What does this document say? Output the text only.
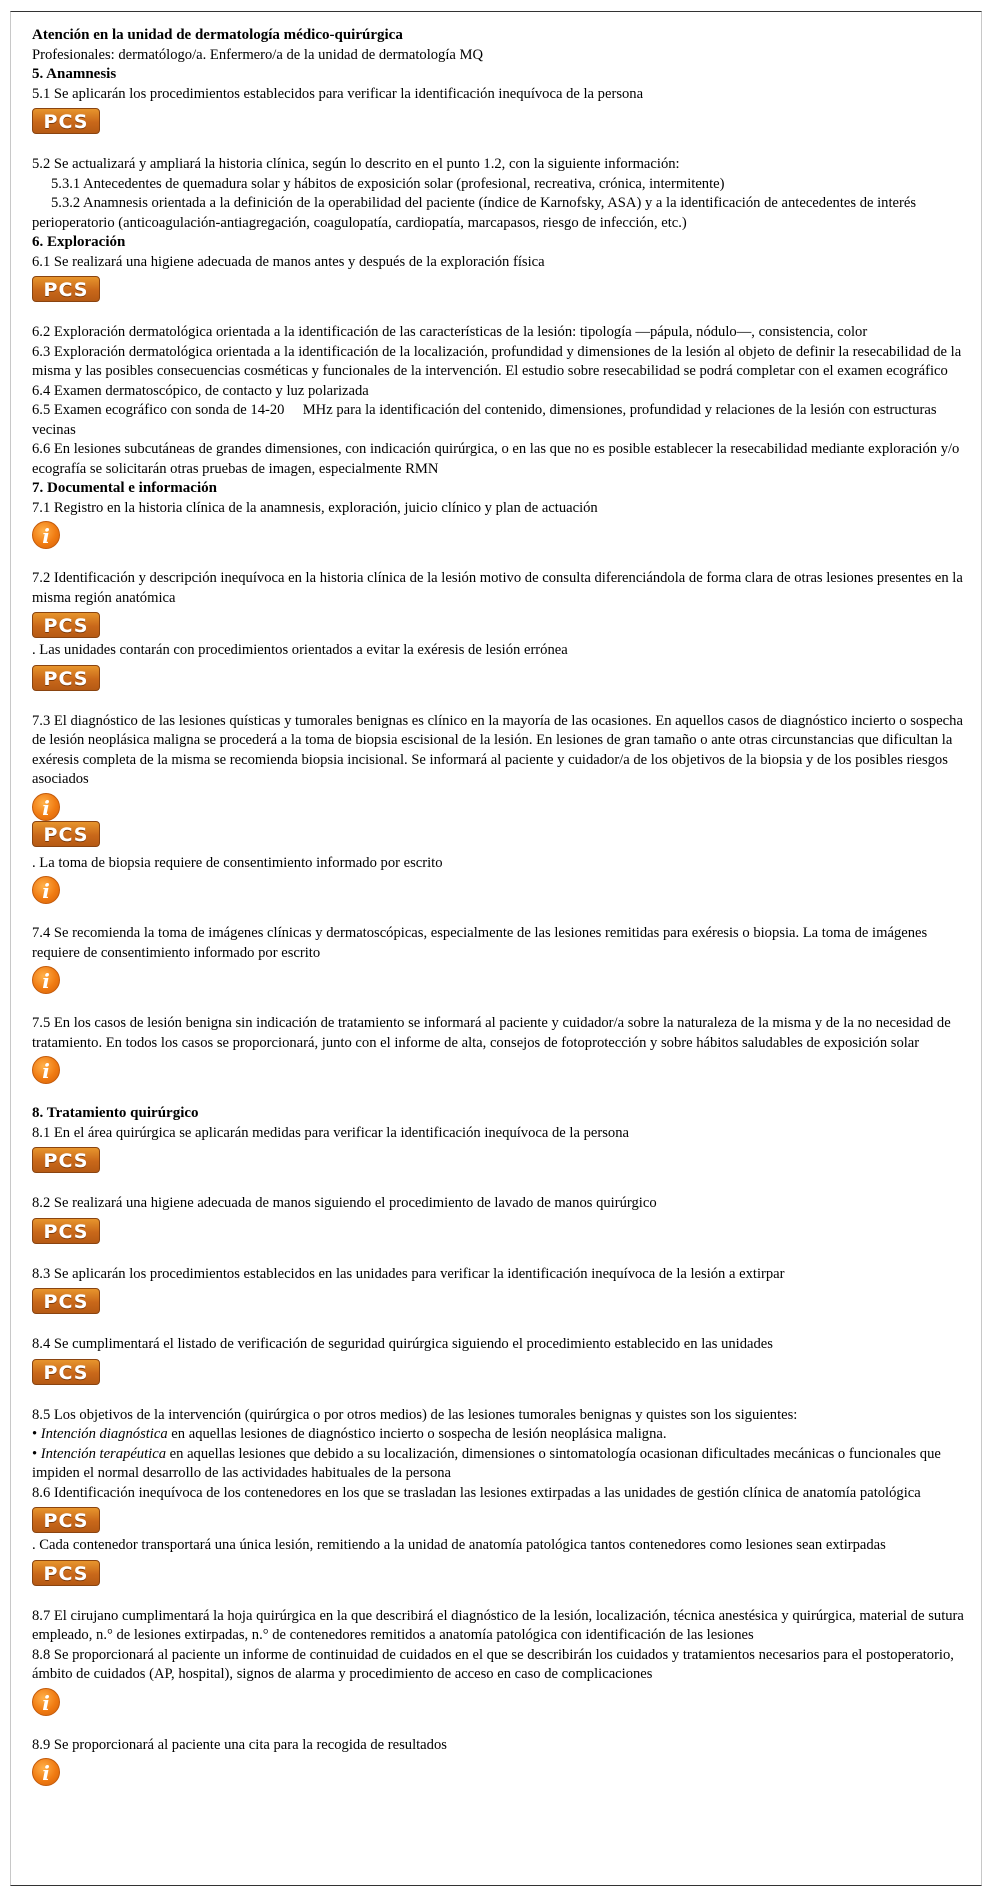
Atención en la unidad de dermatología médico-quirúrgica

Profesionales: dermatólogo/a. Enfermero/a de la unidad de dermatología MQ

5. Anamnesis

5.1 Se aplicarán los procedimientos establecidos para verificar la identificación inequívoca de la persona

PCS

5.2 Se actualizará y ampliará la historia clínica, según lo descrito en el punto 1.2, con la siguiente información:

5.3.1 Antecedentes de quemadura solar y hábitos de exposición solar (profesional, recreativa, crónica, intermitente)

5.3.2 Anamnesis orientada a la definición de la operabilidad del paciente (índice de Karnofsky, ASA) y a la identificación de antecedentes de interés perioperatorio (anticoagulación-antiagregación, coagulopatía, cardiopatía, marcapasos, riesgo de infección, etc.)

6. Exploración

6.1 Se realizará una higiene adecuada de manos antes y después de la exploración física

PCS

6.2 Exploración dermatológica orientada a la identificación de las características de la lesión: tipología —pápula, nódulo—, consistencia, color

6.3 Exploración dermatológica orientada a la identificación de la localización, profundidad y dimensiones de la lesión al objeto de definir la resecabilidad de la misma y las posibles consecuencias cosméticas y funcionales de la intervención. El estudio sobre resecabilidad se podrá completar con el examen ecográfico

6.4 Examen dermatoscópico, de contacto y luz polarizada

6.5 Examen ecográfico con sonda de 14-20     MHz para la identificación del contenido, dimensiones, profundidad y relaciones de la lesión con estructuras vecinas

6.6 En lesiones subcutáneas de grandes dimensiones, con indicación quirúrgica, o en las que no es posible establecer la resecabilidad mediante exploración y/o ecografía se solicitarán otras pruebas de imagen, especialmente RMN

7. Documental e información

7.1 Registro en la historia clínica de la anamnesis, exploración, juicio clínico y plan de actuación

i

7.2 Identificación y descripción inequívoca en la historia clínica de la lesión motivo de consulta diferenciándola de forma clara de otras lesiones presentes en la misma región anatómica

PCS

. Las unidades contarán con procedimientos orientados a evitar la exéresis de lesión errónea

PCS

7.3 El diagnóstico de las lesiones quísticas y tumorales benignas es clínico en la mayoría de las ocasiones. En aquellos casos de diagnóstico incierto o sospecha de lesión neoplásica maligna se procederá a la toma de biopsia escisional de la lesión. En lesiones de gran tamaño o ante otras circunstancias que dificultan la exéresis completa de la misma se recomienda biopsia incisional. Se informará al paciente y cuidador/a de los objetivos de la biopsia y de los posibles riesgos asociados

i
PCS

. La toma de biopsia requiere de consentimiento informado por escrito

i

7.4 Se recomienda la toma de imágenes clínicas y dermatoscópicas, especialmente de las lesiones remitidas para exéresis o biopsia. La toma de imágenes requiere de consentimiento informado por escrito

i

7.5 En los casos de lesión benigna sin indicación de tratamiento se informará al paciente y cuidador/a sobre la naturaleza de la misma y de la no necesidad de tratamiento. En todos los casos se proporcionará, junto con el informe de alta, consejos de fotoprotección y sobre hábitos saludables de exposición solar

i

8. Tratamiento quirúrgico

8.1 En el área quirúrgica se aplicarán medidas para verificar la identificación inequívoca de la persona

PCS

8.2 Se realizará una higiene adecuada de manos siguiendo el procedimiento de lavado de manos quirúrgico

PCS

8.3 Se aplicarán los procedimientos establecidos en las unidades para verificar la identificación inequívoca de la lesión a extirpar

PCS

8.4 Se cumplimentará el listado de verificación de seguridad quirúrgica siguiendo el procedimiento establecido en las unidades

PCS

8.5 Los objetivos de la intervención (quirúrgica o por otros medios) de las lesiones tumorales benignas y quistes son los siguientes:

• Intención diagnóstica en aquellas lesiones de diagnóstico incierto o sospecha de lesión neoplásica maligna.

• Intención terapéutica en aquellas lesiones que debido a su localización, dimensiones o sintomatología ocasionan dificultades mecánicas o funcionales que impiden el normal desarrollo de las actividades habituales de la persona

8.6 Identificación inequívoca de los contenedores en los que se trasladan las lesiones extirpadas a las unidades de gestión clínica de anatomía patológica

PCS

. Cada contenedor transportará una única lesión, remitiendo a la unidad de anatomía patológica tantos contenedores como lesiones sean extirpadas

PCS

8.7 El cirujano cumplimentará la hoja quirúrgica en la que describirá el diagnóstico de la lesión, localización, técnica anestésica y quirúrgica, material de sutura empleado, n.° de lesiones extirpadas, n.° de contenedores remitidos a anatomía patológica con identificación de las lesiones

8.8 Se proporcionará al paciente un informe de continuidad de cuidados en el que se describirán los cuidados y tratamientos necesarios para el postoperatorio, ámbito de cuidados (AP, hospital), signos de alarma y procedimiento de acceso en caso de complicaciones

i

8.9 Se proporcionará al paciente una cita para la recogida de resultados

i
